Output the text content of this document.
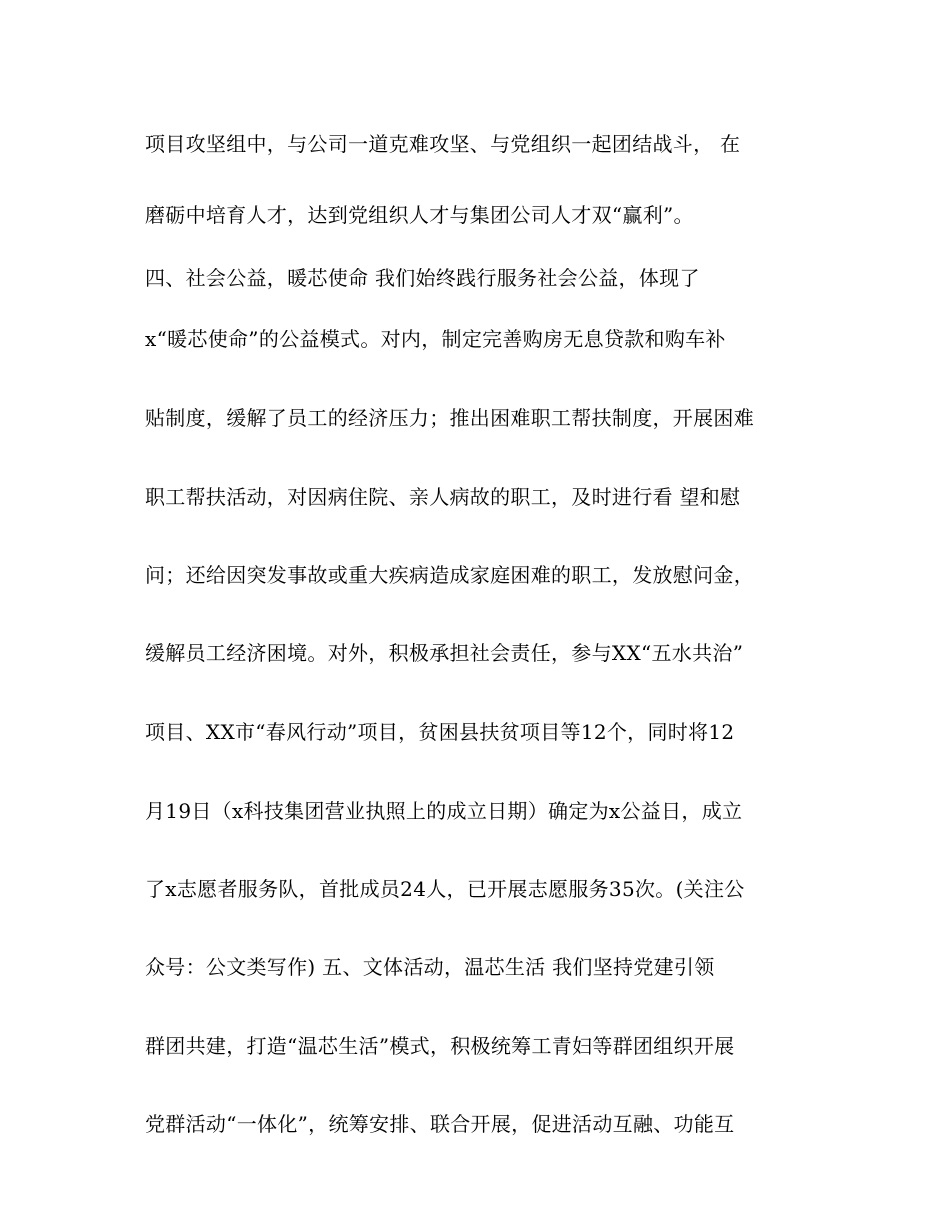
项目攻坚组中，与公司一道克难攻坚、与党组织一起团结战斗， 在
磨砺中培育人才，达到党组织人才与集团公司人才双“赢利”。
四、社会公益，暖芯使命 我们始终践行服务社会公益，体现了
x“暖芯使命”的公益模式。对内，制定完善购房无息贷款和购车补
贴制度，缓解了员工的经济压力；推出困难职工帮扶制度，开展困难
职工帮扶活动，对因病住院、亲人病故的职工，及时进行看 望和慰
问；还给因突发事故或重大疾病造成家庭困难的职工，发放慰问金，
缓解员工经济困境。对外，积极承担社会责任，参与XX“五水共治”
项目、XX市“春风行动”项目，贫困县扶贫项目等12个，同时将12
月19日（x科技集团营业执照上的成立日期）确定为x公益日，成立
了x志愿者服务队，首批成员24人，已开展志愿服务35次。(关注公
众号：公文类写作) 五、文体活动，温芯生活 我们坚持党建引领
群团共建，打造“温芯生活”模式，积极统筹工青妇等群团组织开展
党群活动“一体化”，统筹安排、联合开展，促进活动互融、功能互
